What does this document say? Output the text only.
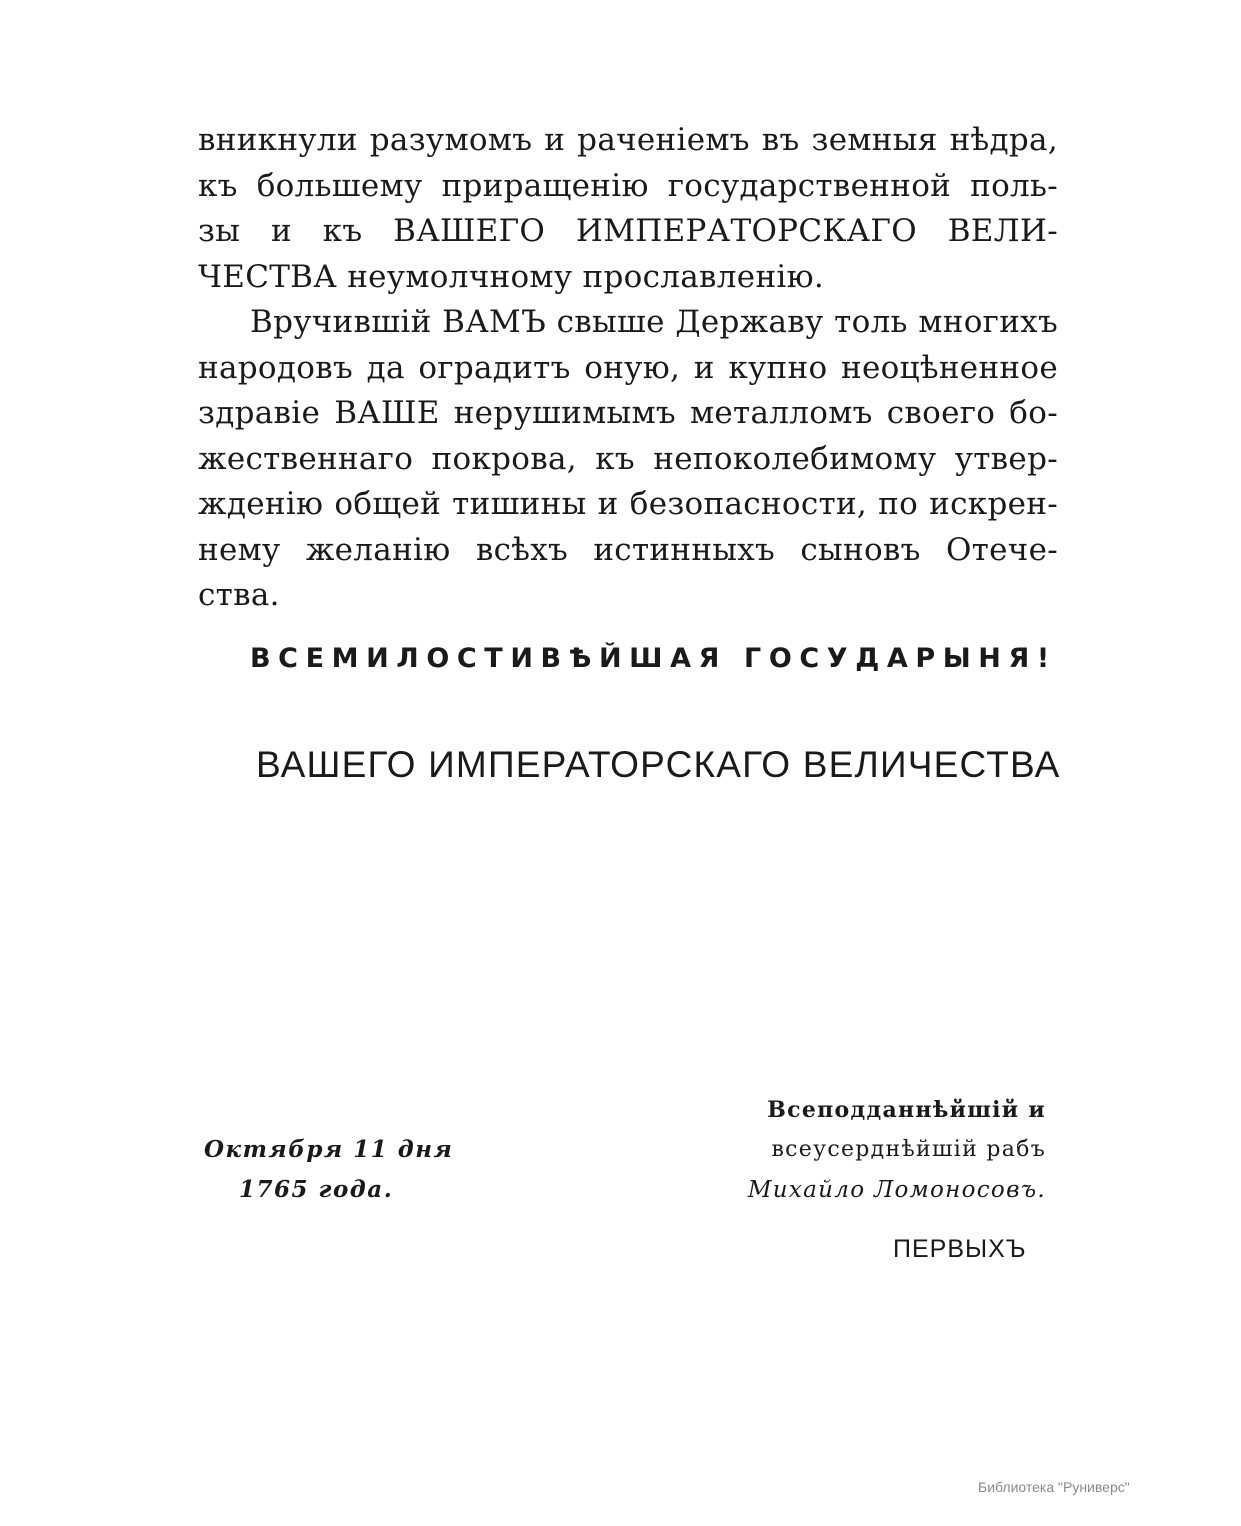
вникнули разумомъ и раченiемъ въ земныя нѣдра,
къ большему приращенiю государственной поль-
зы и къ ВАШЕГО ИМПЕРАТОРСКАГО ВЕЛИ-
ЧЕСТВА неумолчному прославленiю.
Вручившiй ВАМЪ свыше Державу толь многихъ
народовъ да оградитъ оную, и купно неоцѣненное
здравiе ВАШЕ нерушимымъ металломъ своего бо-
жественнаго покрова, къ непоколебимому утвер-
жденiю общей тишины и безопасности, по искрен-
нему желанiю всѣхъ истинныхъ сыновъ Отече-
ства.
ВСЕМИЛОСТИВѢЙШАЯ ГОСУДАРЫНЯ!
ВАШЕГО ИМПЕРАТОРСКАГО ВЕЛИЧЕСТВА
Октября 11 дня
1765 года.
Всеподданнѣйшiй и
всеусерднѣйшiй рабъ
Михайло Ломоносовъ.
ПЕРВЫХЪ
Библиотека "Руниверс"
